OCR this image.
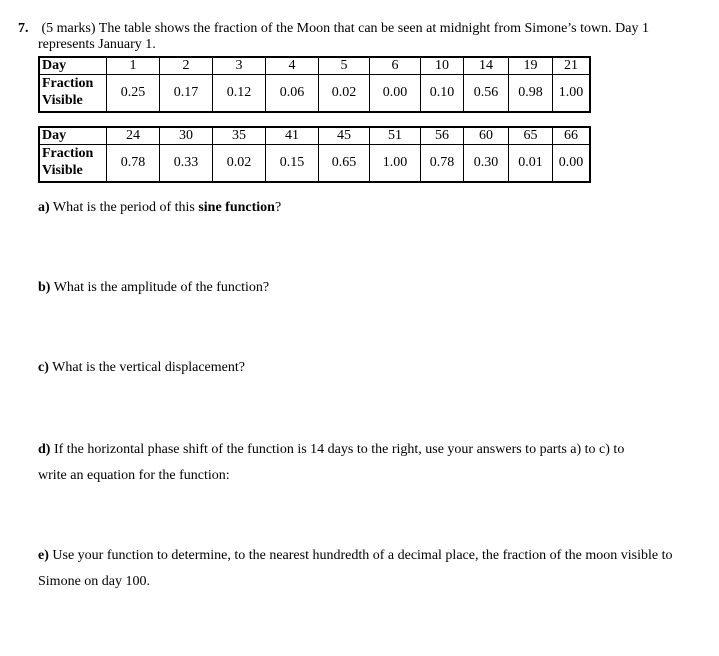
7. (5 marks) The table shows the fraction of the Moon that can be seen at midnight from Simone’s town. Day 1
represents January 1.
Day	1	2	3	4	5	6	10	14	19	21
Fraction Visible	0.25	0.17	0.12	0.06	0.02	0.00	0.10	0.56	0.98	1.00
Day	24	30	35	41	45	51	56	60	65	66
Fraction Visible	0.78	0.33	0.02	0.15	0.65	1.00	0.78	0.30	0.01	0.00
a) What is the period of this sine function?
b) What is the amplitude of the function?
c) What is the vertical displacement?
d) If the horizontal phase shift of the function is 14 days to the right, use your answers to parts a) to c) to
write an equation for the function:
e) Use your function to determine, to the nearest hundredth of a decimal place, the fraction of the moon visible to
Simone on day 100.
